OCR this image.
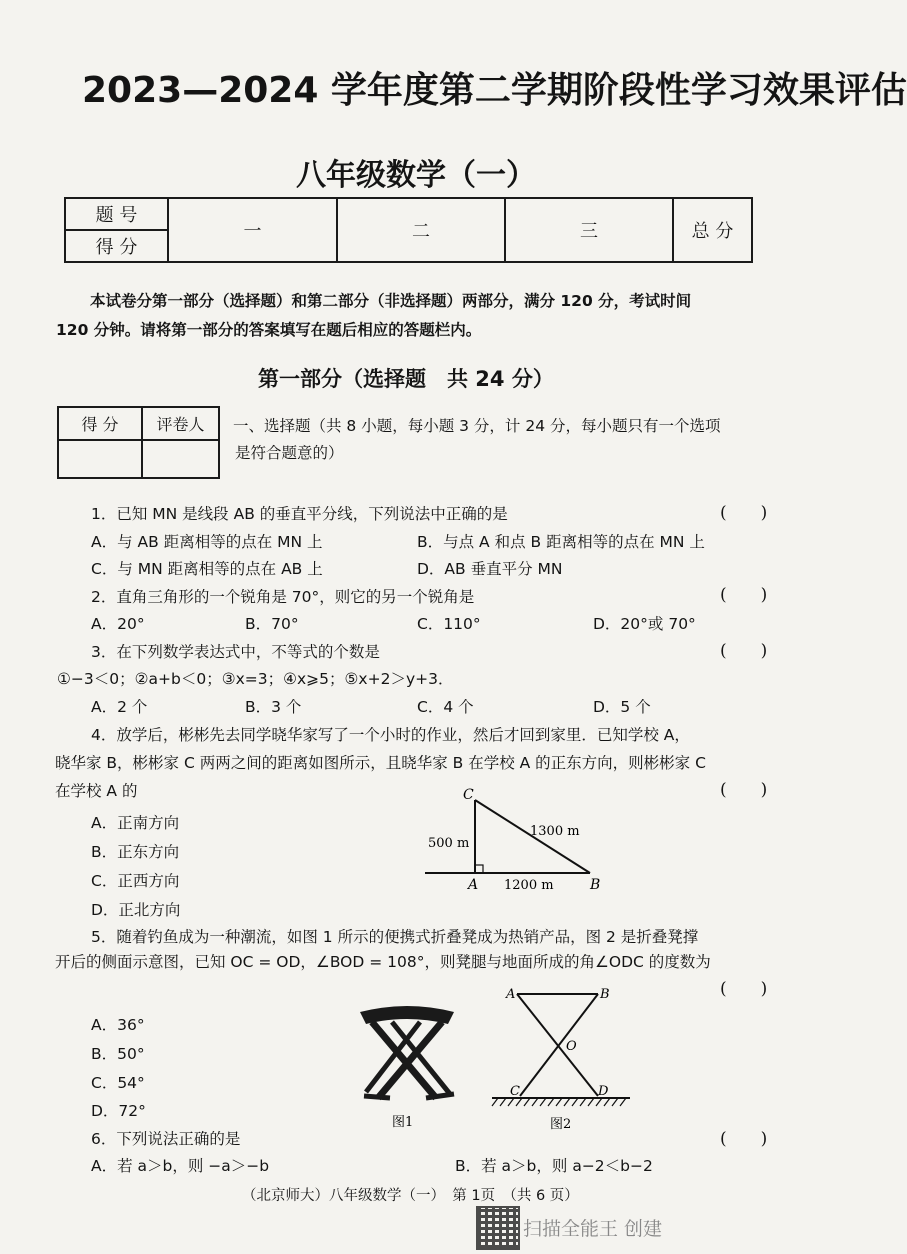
2023—2024 学年度第二学期阶段性学习效果评估
八年级数学（一）
题 号	一	二	三	总 分
得 分
本试卷分第一部分（选择题）和第二部分（非选择题）两部分，满分 120 分，考试时间
120 分钟。请将第一部分的答案填写在题后相应的答题栏内。
第一部分（选择题　共 24 分）
得 分	评卷人
	一、选择题（共 8 小题，每小题 3 分，计 24 分，每小题只有一个选项
是符合题意的）
1．已知 MN 是线段 AB 的垂直平分线，下列说法中正确的是	(　　)
A．与 AB 距离相等的点在 MN 上	B．与点 A 和点 B 距离相等的点在 MN 上
C．与 MN 距离相等的点在 AB 上	D．AB 垂直平分 MN
2．直角三角形的一个锐角是 70°，则它的另一个锐角是	(　　)
A．20°	B．70°	C．110°	D．20°或 70°
3．在下列数学表达式中，不等式的个数是	(　　)
①−3＜0；②a+b＜0；③x=3；④x⩾5；⑤x+2＞y+3．
A．2 个	B．3 个	C．4 个	D．5 个
4．放学后，彬彬先去同学晓华家写了一个小时的作业，然后才回到家里．已知学校 A，
晓华家 B，彬彬家 C 两两之间的距离如图所示，且晓华家 B 在学校 A 的正东方向，则彬彬家 C
在学校 A 的	(　　)
A．正南方向
B．正东方向
C．正西方向
D．正北方向
C
A	B
500 m
1300 m
1200 m
5．随着钓鱼成为一种潮流，如图 1 所示的便携式折叠凳成为热销产品，图 2 是折叠凳撑
开后的侧面示意图，已知 OC = OD，∠BOD = 108°，则凳腿与地面所成的角∠ODC 的度数为
(　　)
A．36°
B．50°
C．54°
D．72°
图1
A	B
O
C	D
图2
6．下列说法正确的是	(　　)
A．若 a＞b，则 −a＞−b	B．若 a＞b，则 a−2＜b−2
（北京师大）八年级数学（一）　第 1页　（共 6 页）
扫描全能王 创建
